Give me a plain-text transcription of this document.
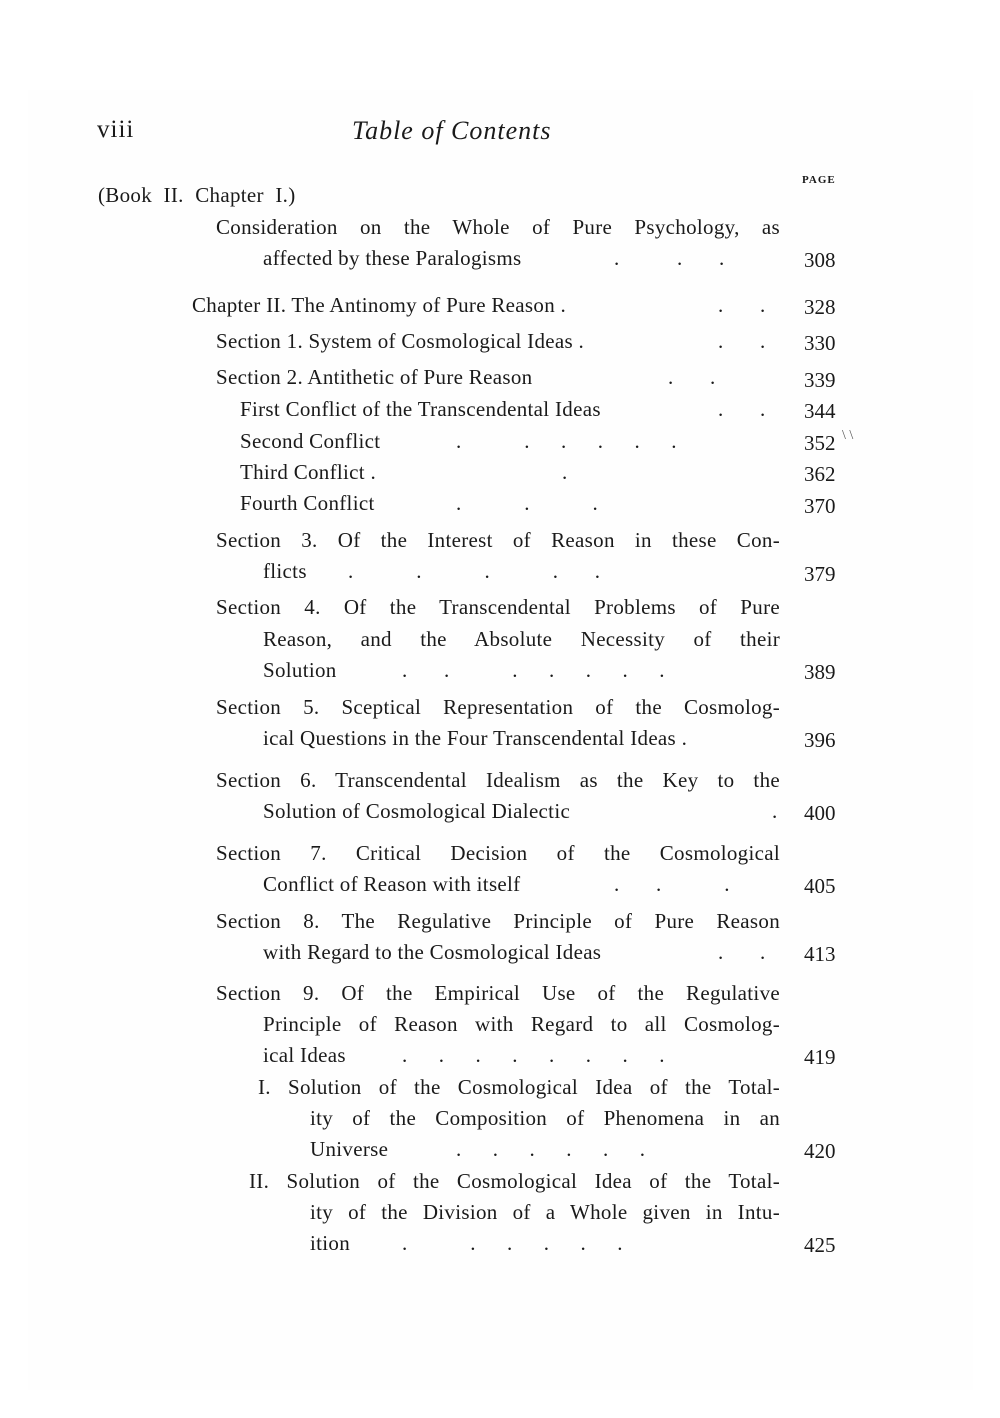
viii	Table of Contents
PAGE
(Book II. Chapter I.)
Consideration on the Whole of Pure Psychology, as
affected by these Paralogisms	.           .       .	308
Chapter II. The Antinomy of Pure Reason .	.       . 328
Section 1. System of Cosmological Ideas .	.       . 330
Section 2. Antithetic of Pure Reason	.       .	339
First Conflict of the Transcendental Ideas	.       . 344
Second Conflict	.            .      .      .      .      .	352 \ \
Third Conflict .	.	362
Fourth Conflict	.            .            .	370
Section 3. Of the Interest of Reason in these Con-
flicts .            .            .            .       .	379
Section 4. Of the Transcendental Problems of Pure
Reason, and the Absolute Necessity of their
Solution	.       .            .      .      .      .      .	389
Section 5. Sceptical Representation of the Cosmolog-
ical Questions in the Four Transcendental Ideas .	396
Section 6. Transcendental Idealism as the Key to the
Solution of Cosmological Dialectic	. 400
Section 7. Critical Decision of the Cosmological
Conflict of Reason with itself	.       .            .	405
Section 8. The Regulative Principle of Pure Reason
with Regard to the Cosmological Ideas	.       . 413
Section 9. Of the Empirical Use of the Regulative
Principle of Reason with Regard to all Cosmolog-
ical Ideas	.      .      .      .      .      .      .      .	419
I. Solution of the Cosmological Idea of the Total-
ity of the Composition of Phenomena in an
Universe	.      .      .      .      .      .	420
II. Solution of the Cosmological Idea of the Total-
ity of the Division of a Whole given in Intu-
ition .            .      .      .      .      .	425
